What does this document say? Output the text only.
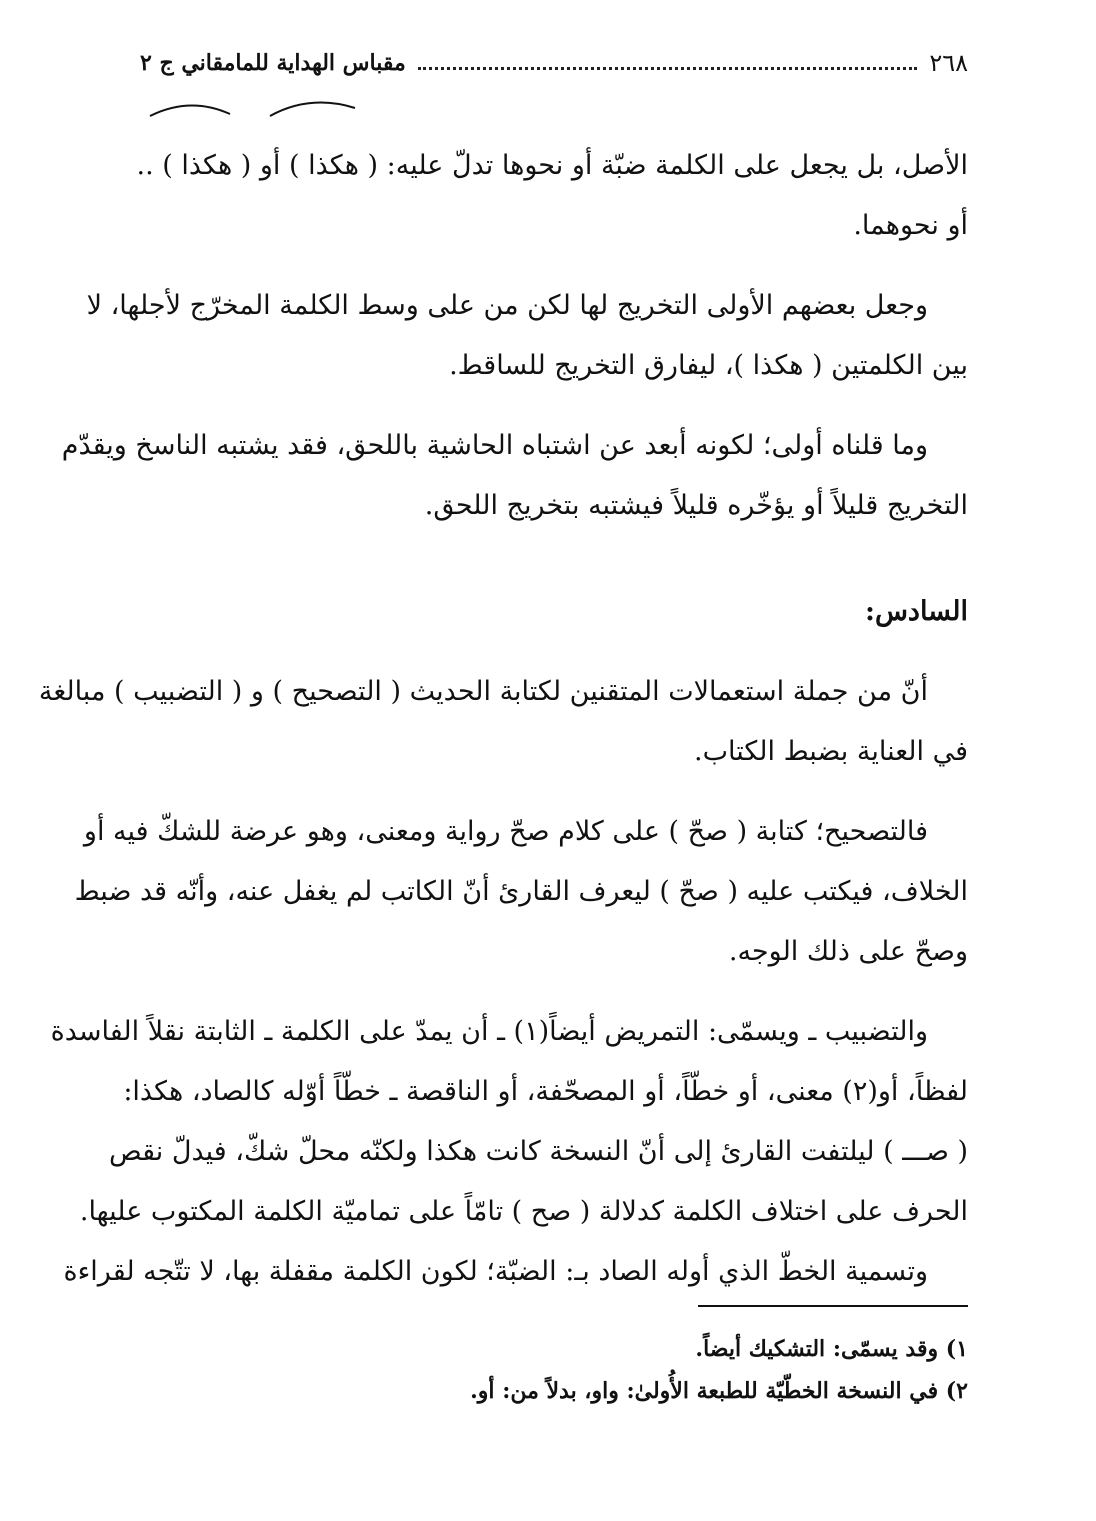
٢٦٨
مقباس الهداية للمامقاني ج ٢
الأصل، بل يجعل على الكلمة ضبّة أو نحوها تدلّ عليه: ( هكذا ) أو ( هكذا ) ..
أو نحوهما.
وجعل بعضهم الأولى التخريج لها لكن من على وسط الكلمة المخرّج لأجلها، لا
بين الكلمتين ( هكذا )، ليفارق التخريج للساقط.
وما قلناه أولى؛ لكونه أبعد عن اشتباه الحاشية باللحق، فقد يشتبه الناسخ ويقدّم
التخريج قليلاً أو يؤخّره قليلاً فيشتبه بتخريج اللحق.
السادس:
أنّ من جملة استعمالات المتقنين لكتابة الحديث ( التصحيح ) و ( التضبيب ) مبالغة
في العناية بضبط الكتاب.
فالتصحيح؛ كتابة ( صحّ ) على كلام صحّ رواية ومعنى، وهو عرضة للشكّ فيه أو
الخلاف، فيكتب عليه ( صحّ ) ليعرف القارئ أنّ الكاتب لم يغفل عنه، وأنّه قد ضبط
وصحّ على ذلك الوجه.
والتضبيب ـ ويسمّى: التمريض أيضاً(١) ـ أن يمدّ على الكلمة ـ الثابتة نقلاً الفاسدة
لفظاً، أو(٢) معنى، أو خطّاً، أو المصحّفة، أو الناقصة ـ خطّاً أوّله كالصاد، هكذا:
( صـــ ) ليلتفت القارئ إلى أنّ النسخة كانت هكذا ولكنّه محلّ شكّ، فيدلّ نقص
الحرف على اختلاف الكلمة كدلالة ( صح ) تامّاً على تماميّة الكلمة المكتوب عليها.
وتسمية الخطّ الذي أوله الصاد بـ: الضبّة؛ لكون الكلمة مقفلة بها، لا تتّجه لقراءة
١) وقد يسمّى: التشكيك أيضاً.
٢) في النسخة الخطّيّة للطبعة الأُولىٰ: واو، بدلاً من: أو.
